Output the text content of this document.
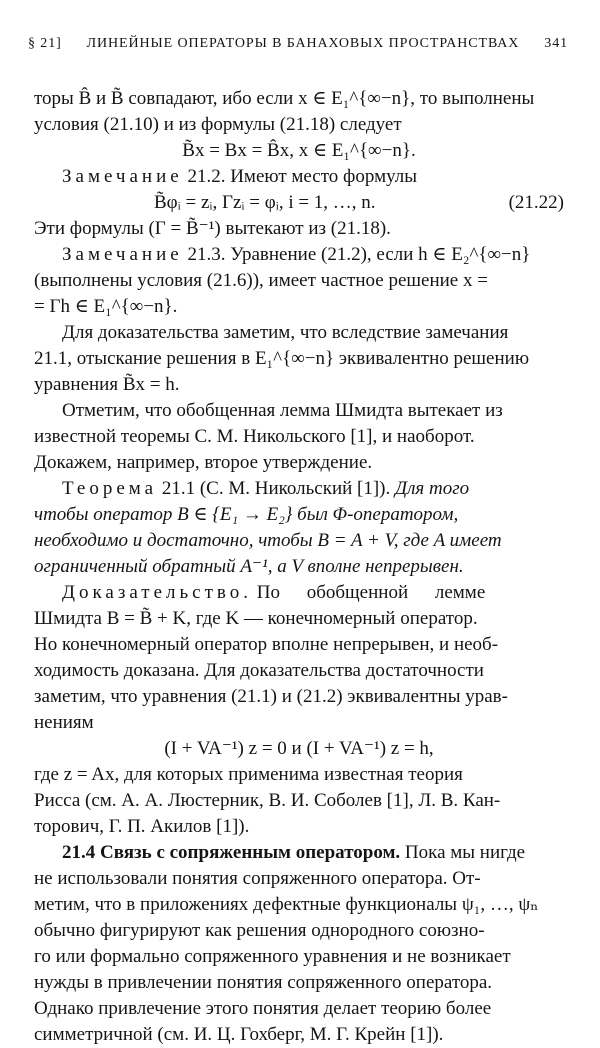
§ 21] ЛИНЕЙНЫЕ ОПЕРАТОРЫ В БАНАХОВЫХ ПРОСТРАНСТВАХ 341

торы B̂ и B̃ совпадают, ибо если x ∈ E₁^{∞−n}, то выполнены

условия (21.10) и из формулы (21.18) следует

B̃x = Bx = B̂x, x ∈ E₁^{∞−n}.

Замечание 21.2. Имеют место формулы

B̃φᵢ = zᵢ, Γzᵢ = φᵢ, i = 1, …, n.	(21.22)

Эти формулы (Γ = B̃⁻¹) вытекают из (21.18).

Замечание 21.3. Уравнение (21.2), если h ∈ E₂^{∞−n}

(выполнены условия (21.6)), имеет частное решение x =

= Γh ∈ E₁^{∞−n}.

Для доказательства заметим, что вследствие замечания

21.1, отыскание решения в E₁^{∞−n} эквивалентно решению

уравнения B̃x = h.

Отметим, что обобщенная лемма Шмидта вытекает из

известной теоремы С. М. Никольского [1], и наоборот.

Докажем, например, второе утверждение.

Теорема 21.1 (С. М. Никольский [1]). Для того

чтобы оператор B ∈ {E₁ → E₂} был Φ-оператором,

необходимо и достаточно, чтобы B = A + V, где A имеет

ограниченный обратный A⁻¹, а V вполне непрерывен.

Доказательство. По обобщенной лемме

Шмидта B = B̃ + K, где K — конечномерный оператор.

Но конечномерный оператор вполне непрерывен, и необ-

ходимость доказана. Для доказательства достаточности

заметим, что уравнения (21.1) и (21.2) эквивалентны урав-

нениям

(I + VA⁻¹) z = 0 и (I + VA⁻¹) z = h,

где z = Ax, для которых применима известная теория

Рисса (см. А. А. Люстерник, В. И. Соболев [1], Л. В. Кан-

торович, Г. П. Акилов [1]).

21.4 Связь с сопряженным оператором. Пока мы нигде

не использовали понятия сопряженного оператора. От-

метим, что в приложениях дефектные функционалы ψ₁, …, ψₙ

обычно фигурируют как решения однородного союзно-

го или формально сопряженного уравнения и не возникает

нужды в привлечении понятия сопряженного оператора.

Однако привлечение этого понятия делает теорию более

симметричной (см. И. Ц. Гохберг, М. Г. Крейн [1]).
